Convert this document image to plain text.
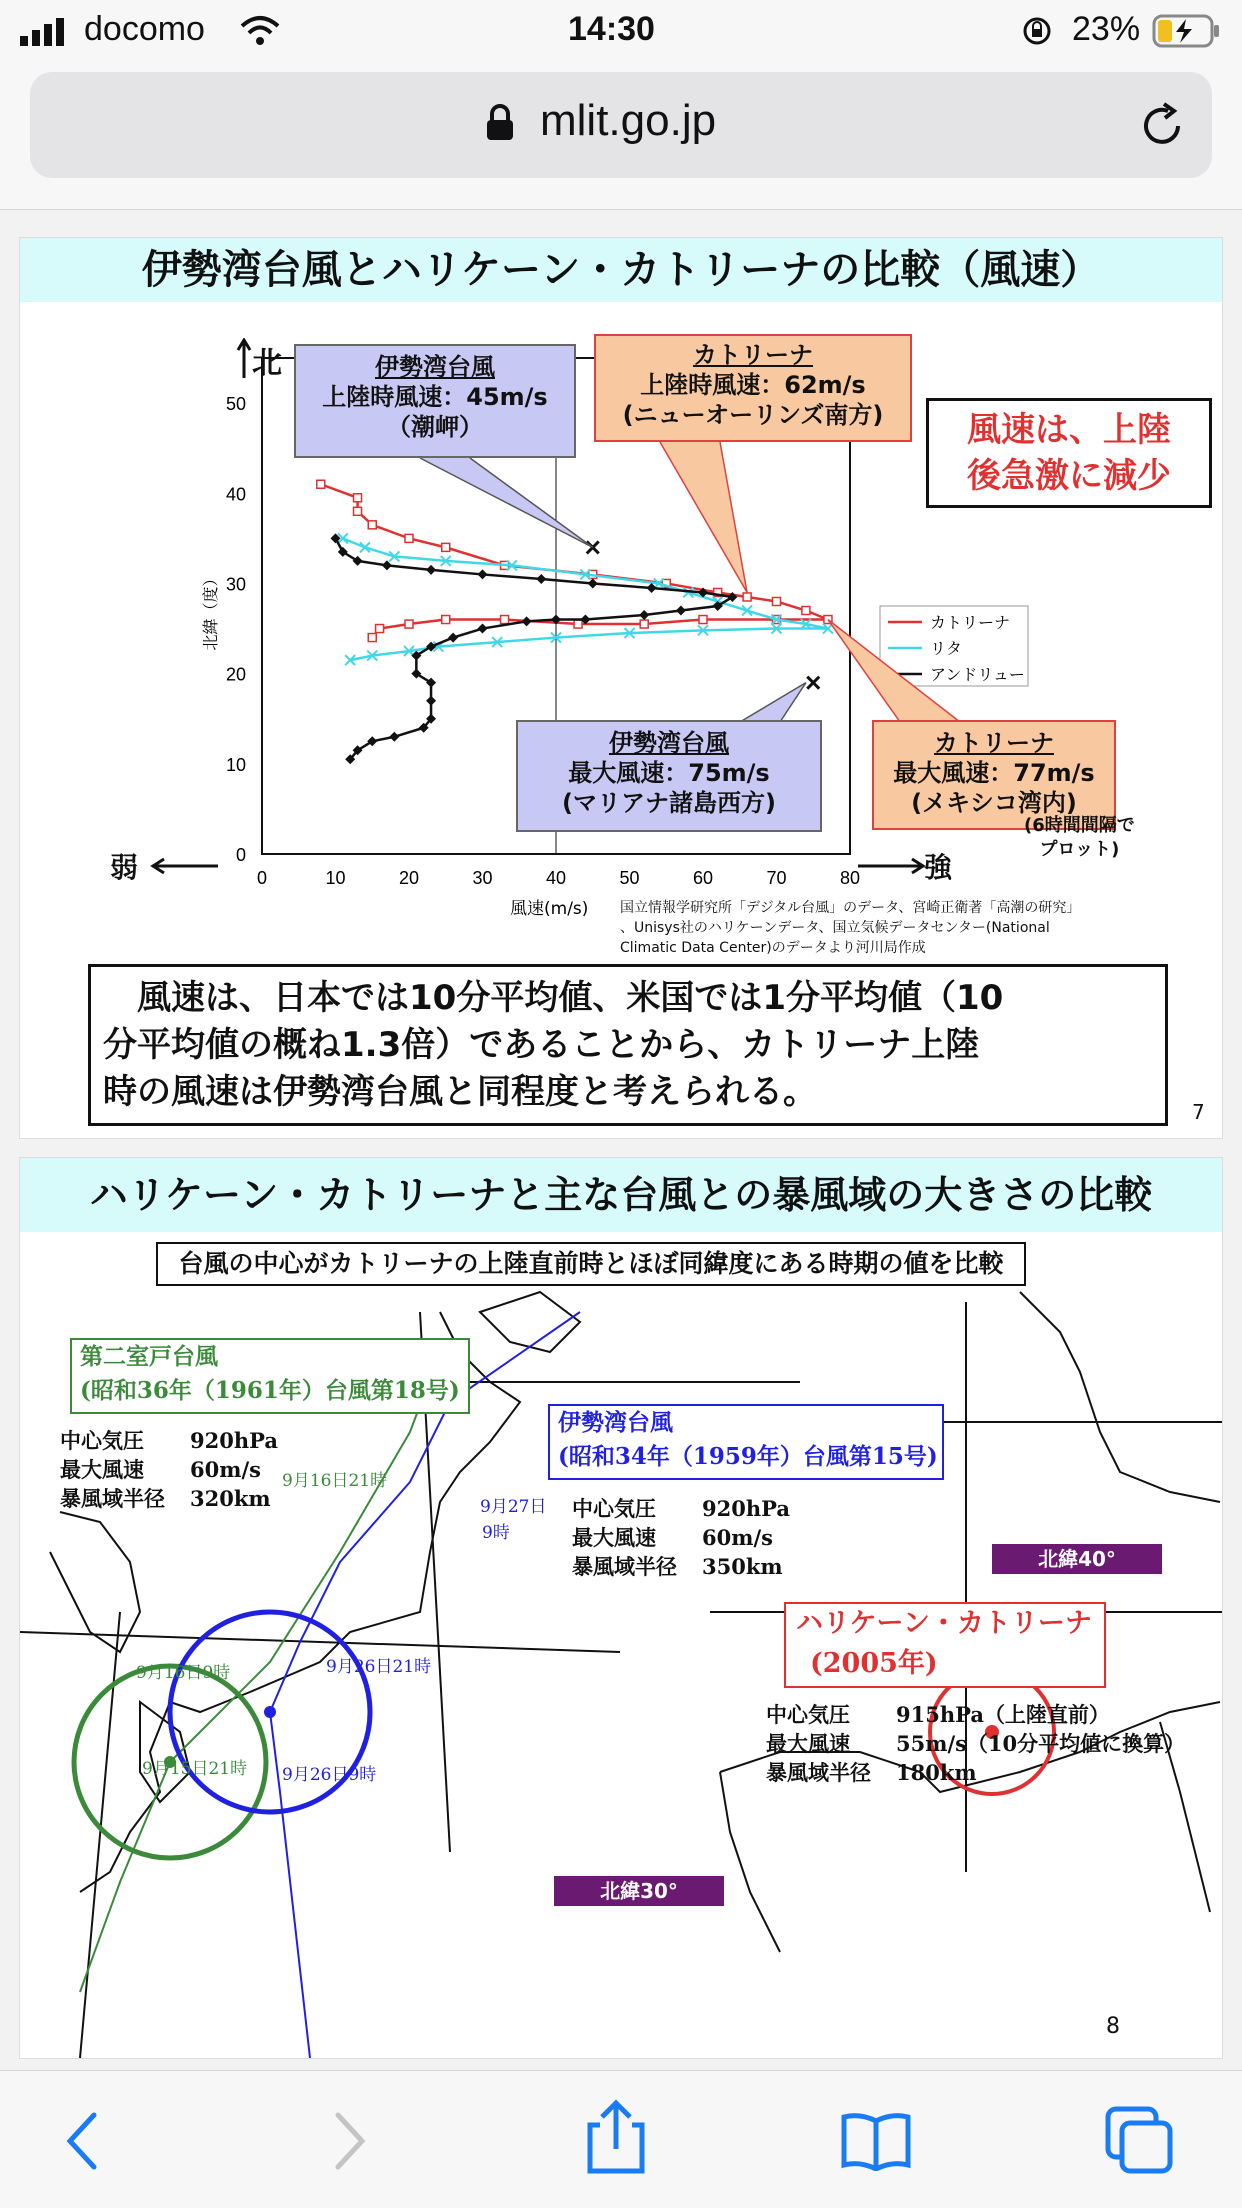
docomo	14:30	23%
mlit.go.jp
伊勢湾台風とハリケーン・カトリーナの比較（風速）
0	10	20	30	40	50	60	70	80
0
10
20
30
40
50
風速(m/s)
北緯（度）	カトリーナ
リタ
アンドリュー
北
弱	強
伊勢湾台風
上陸時風速：45m/s
（潮岬）
カトリーナ
上陸時風速：62m/s
(ニューオーリンズ南方)	風速は、上陸
後急激に減少
伊勢湾台風
最大風速：75m/s
(マリアナ諸島西方)
カトリーナ
最大風速：77m/s
(メキシコ湾内)
(6時間間隔で
プロット)
国立情報学研究所「デジタル台風」のデータ、宮崎正衛著「高潮の研究」
、Unisys社のハリケーンデータ、国立気候データセンター(National
Climatic Data Center)のデータより河川局作成
風速は、日本では10分平均値、米国では1分平均値（10
分平均値の概ね1.3倍）であることから、カトリーナ上陸
時の風速は伊勢湾台風と同程度と考えられる。	7
ハリケーン・カトリーナと主な台風との暴風域の大きさの比較
台風の中心がカトリーナの上陸直前時とほぼ同緯度にある時期の値を比較
第二室戸台風
(昭和36年（1961年）台風第18号)
中心気圧 920hPa
最大風速 60m/s
暴風域半径 320km
9月16日21時
9月16日9時
9月15日21時
伊勢湾台風
(昭和34年（1959年）台風第15号)
中心気圧 920hPa
最大風速 60m/s
暴風域半径 350km
9月27日
9時
9月26日21時
9月26日9時
ハリケーン・カトリーナ
(2005年)
中心気圧 915hPa（上陸直前）
最大風速 55m/s（10分平均値に換算）
暴風域半径 180km
北緯40°
北緯30°
8
